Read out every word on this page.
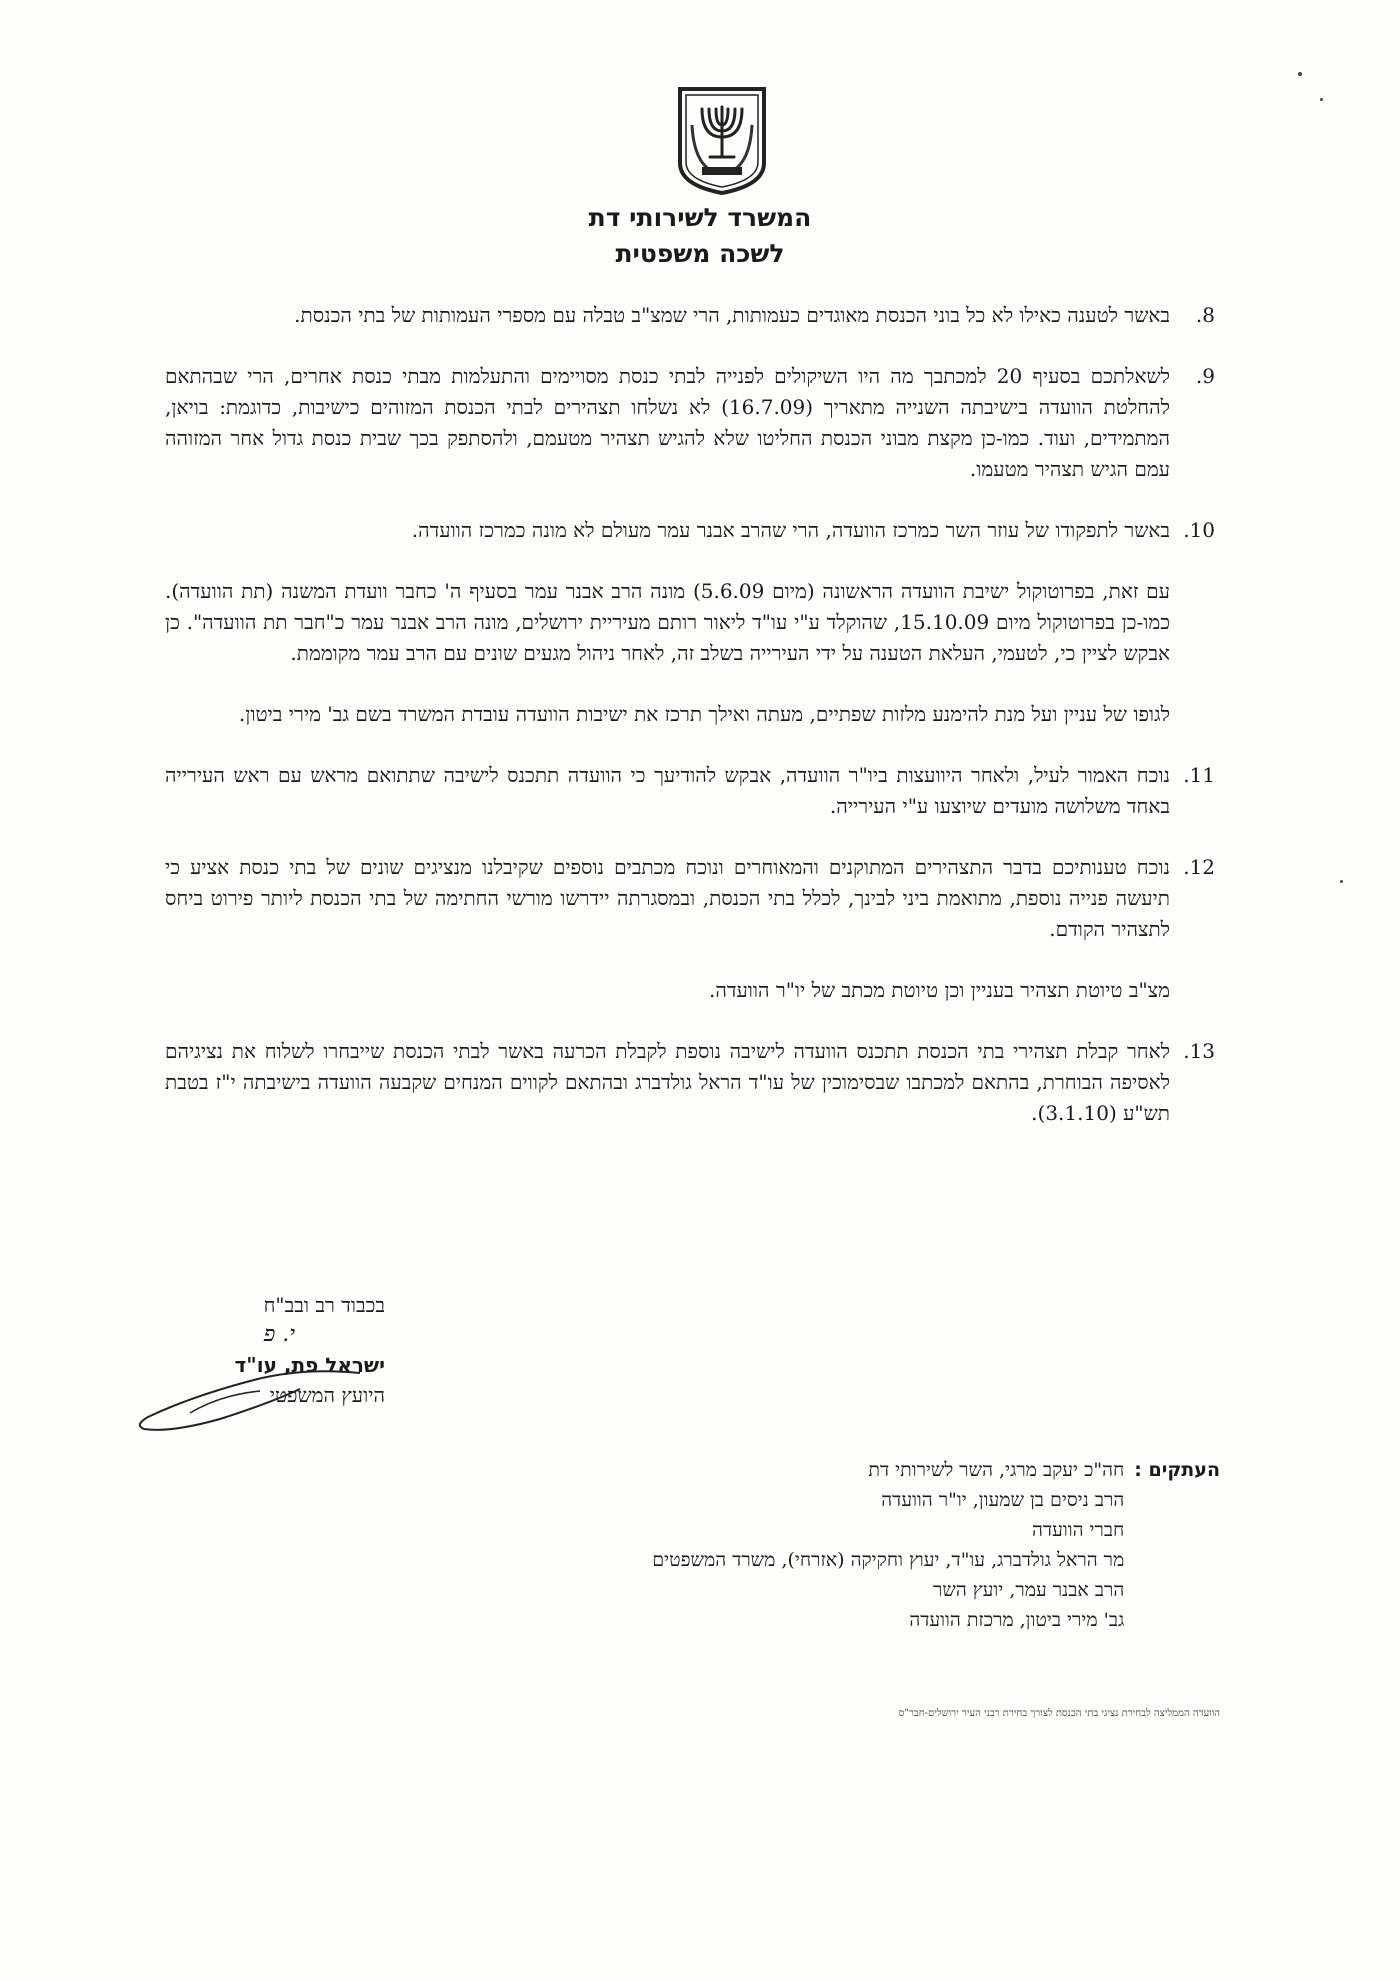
המשרד לשירותי דת
לשכה משפטית
8.
באשר לטענה כאילו לא כל בוני הכנסת מאוגדים כעמותות, הרי שמצ"ב טבלה עם מספרי העמותות של בתי הכנסת.
9.
לשאלתכם בסעיף 20 למכתבך מה היו השיקולים לפנייה לבתי כנסת מסויימים והתעלמות מבתי כנסת אחרים, הרי שבהתאם להחלטת הוועדה בישיבתה השנייה מתאריך (16.7.09) לא נשלחו תצהירים לבתי הכנסת המזוהים כישיבות, כדוגמת: בויאן, המתמידים, ועוד. כמו-כן מקצת מבוני הכנסת החליטו שלא להגיש תצהיר מטעמם, ולהסתפק בכך שבית כנסת גדול אחר המזוהה עמם הגיש תצהיר מטעמו.
10.
באשר לתפקודו של עוזר השר כמרכז הוועדה, הרי שהרב אבנר עמר מעולם לא מונה כמרכז הוועדה.
עם זאת, בפרוטוקול ישיבת הוועדה הראשונה (מיום 5.6.09) מונה הרב אבנר עמר בסעיף ה' כחבר וועדת המשנה (תת הוועדה). כמו-כן בפרוטוקול מיום 15.10.09, שהוקלד ע"י עו"ד ליאור רותם מעיריית ירושלים, מונה הרב אבנר עמר כ"חבר תת הוועדה". כן אבקש לציין כי, לטעמי, העלאת הטענה על ידי העירייה בשלב זה, לאחר ניהול מגעים שונים עם הרב עמר מקוממת.
לגופו של עניין ועל מנת להימנע מלזות שפתיים, מעתה ואילך תרכז את ישיבות הוועדה עובדת המשרד בשם גב' מירי ביטון.
11.
נוכח האמור לעיל, ולאחר היוועצות ביו"ר הוועדה, אבקש להודיעך כי הוועדה תתכנס לישיבה שתתואם מראש עם ראש העירייה באחד משלושה מועדים שיוצעו ע"י העירייה.
12.
נוכח טענותיכם בדבר התצהירים המתוקנים והמאוחרים ונוכח מכתבים נוספים שקיבלנו מנציגים שונים של בתי כנסת אציע כי תיעשה פנייה נוספת, מתואמת ביני לבינך, לכלל בתי הכנסת, ובמסגרתה יידרשו מורשי החתימה של בתי הכנסת ליותר פירוט ביחס לתצהיר הקודם.
מצ"ב טיוטת תצהיר בעניין וכן טיוטת מכתב של יו"ר הוועדה.
13.
לאחר קבלת תצהירי בתי הכנסת תתכנס הוועדה לישיבה נוספת לקבלת הכרעה באשר לבתי הכנסת שייבחרו לשלוח את נציגיהם לאסיפה הבוחרת, בהתאם למכתבו שבסימוכין של עו"ד הראל גולדברג ובהתאם לקווים המנחים שקבעה הוועדה בישיבתה י"ז בטבת תש"ע (3.1.10).
בכבוד רב ובב"ח
י. פ
ישראל פת, עו"ד
היועץ המשפטי
העתקים :
חה"כ יעקב מרגי, השר לשירותי דת
הרב ניסים בן שמעון, יו"ר הוועדה
חברי הוועדה
מר הראל גולדברג, עו"ד, יעוץ וחקיקה (אזרחי), משרד המשפטים
הרב אבנר עמר, יועץ השר
גב' מירי ביטון, מרכזת הוועדה
הוועדה הממליצה לבחירת נציגי בתי הכנסת לצורך בחירת רבני העיר ירושלים-חבר"ס
